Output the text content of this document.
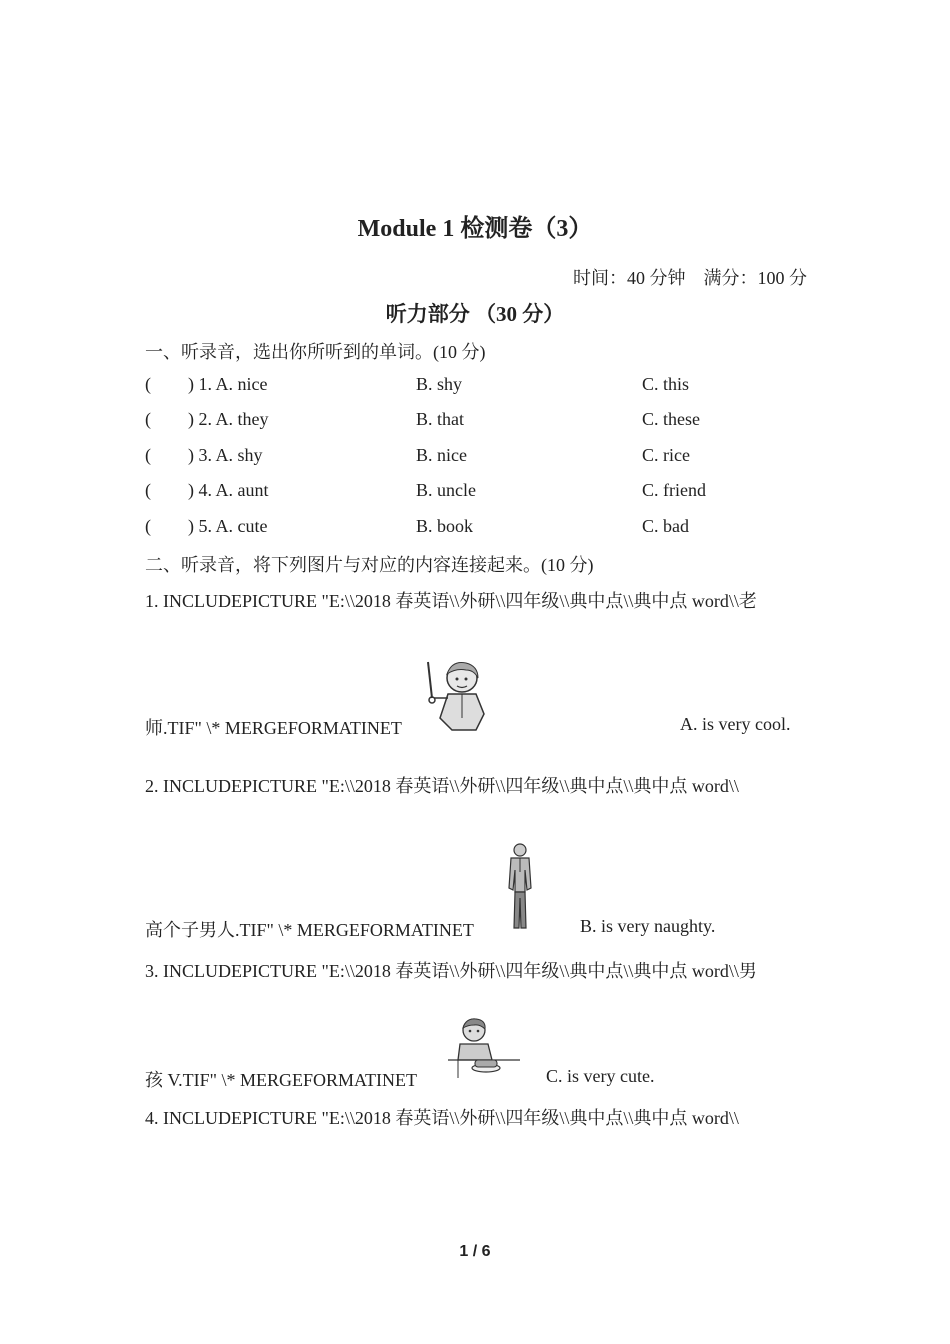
Module 1 检测卷（3）
时间：40 分钟　满分：100 分
听力部分 （30 分）
一、听录音，选出你所听到的单词。(10 分)
( ) 1. A. nice	B. shy	C. this
( ) 2. A. they	B. that	C. these
( ) 3. A. shy	B. nice	C. rice
( ) 4. A. aunt	B. uncle	C. friend
( ) 5. A. cute	B. book	C. bad
二、听录音，将下列图片与对应的内容连接起来。(10 分)
1. INCLUDEPICTURE "E:\\2018 春英语\\外研\\四年级\\典中点\\典中点 word\\老
师.TIF" \* MERGEFORMATINET	A. is very cool.
2. INCLUDEPICTURE "E:\\2018 春英语\\外研\\四年级\\典中点\\典中点 word\\
高个子男人.TIF" \* MERGEFORMATINET	B. is very naughty.
3. INCLUDEPICTURE "E:\\2018 春英语\\外研\\四年级\\典中点\\典中点 word\\男
孩 V.TIF" \* MERGEFORMATINET	C. is very cute.
4. INCLUDEPICTURE "E:\\2018 春英语\\外研\\四年级\\典中点\\典中点 word\\
1 / 6
